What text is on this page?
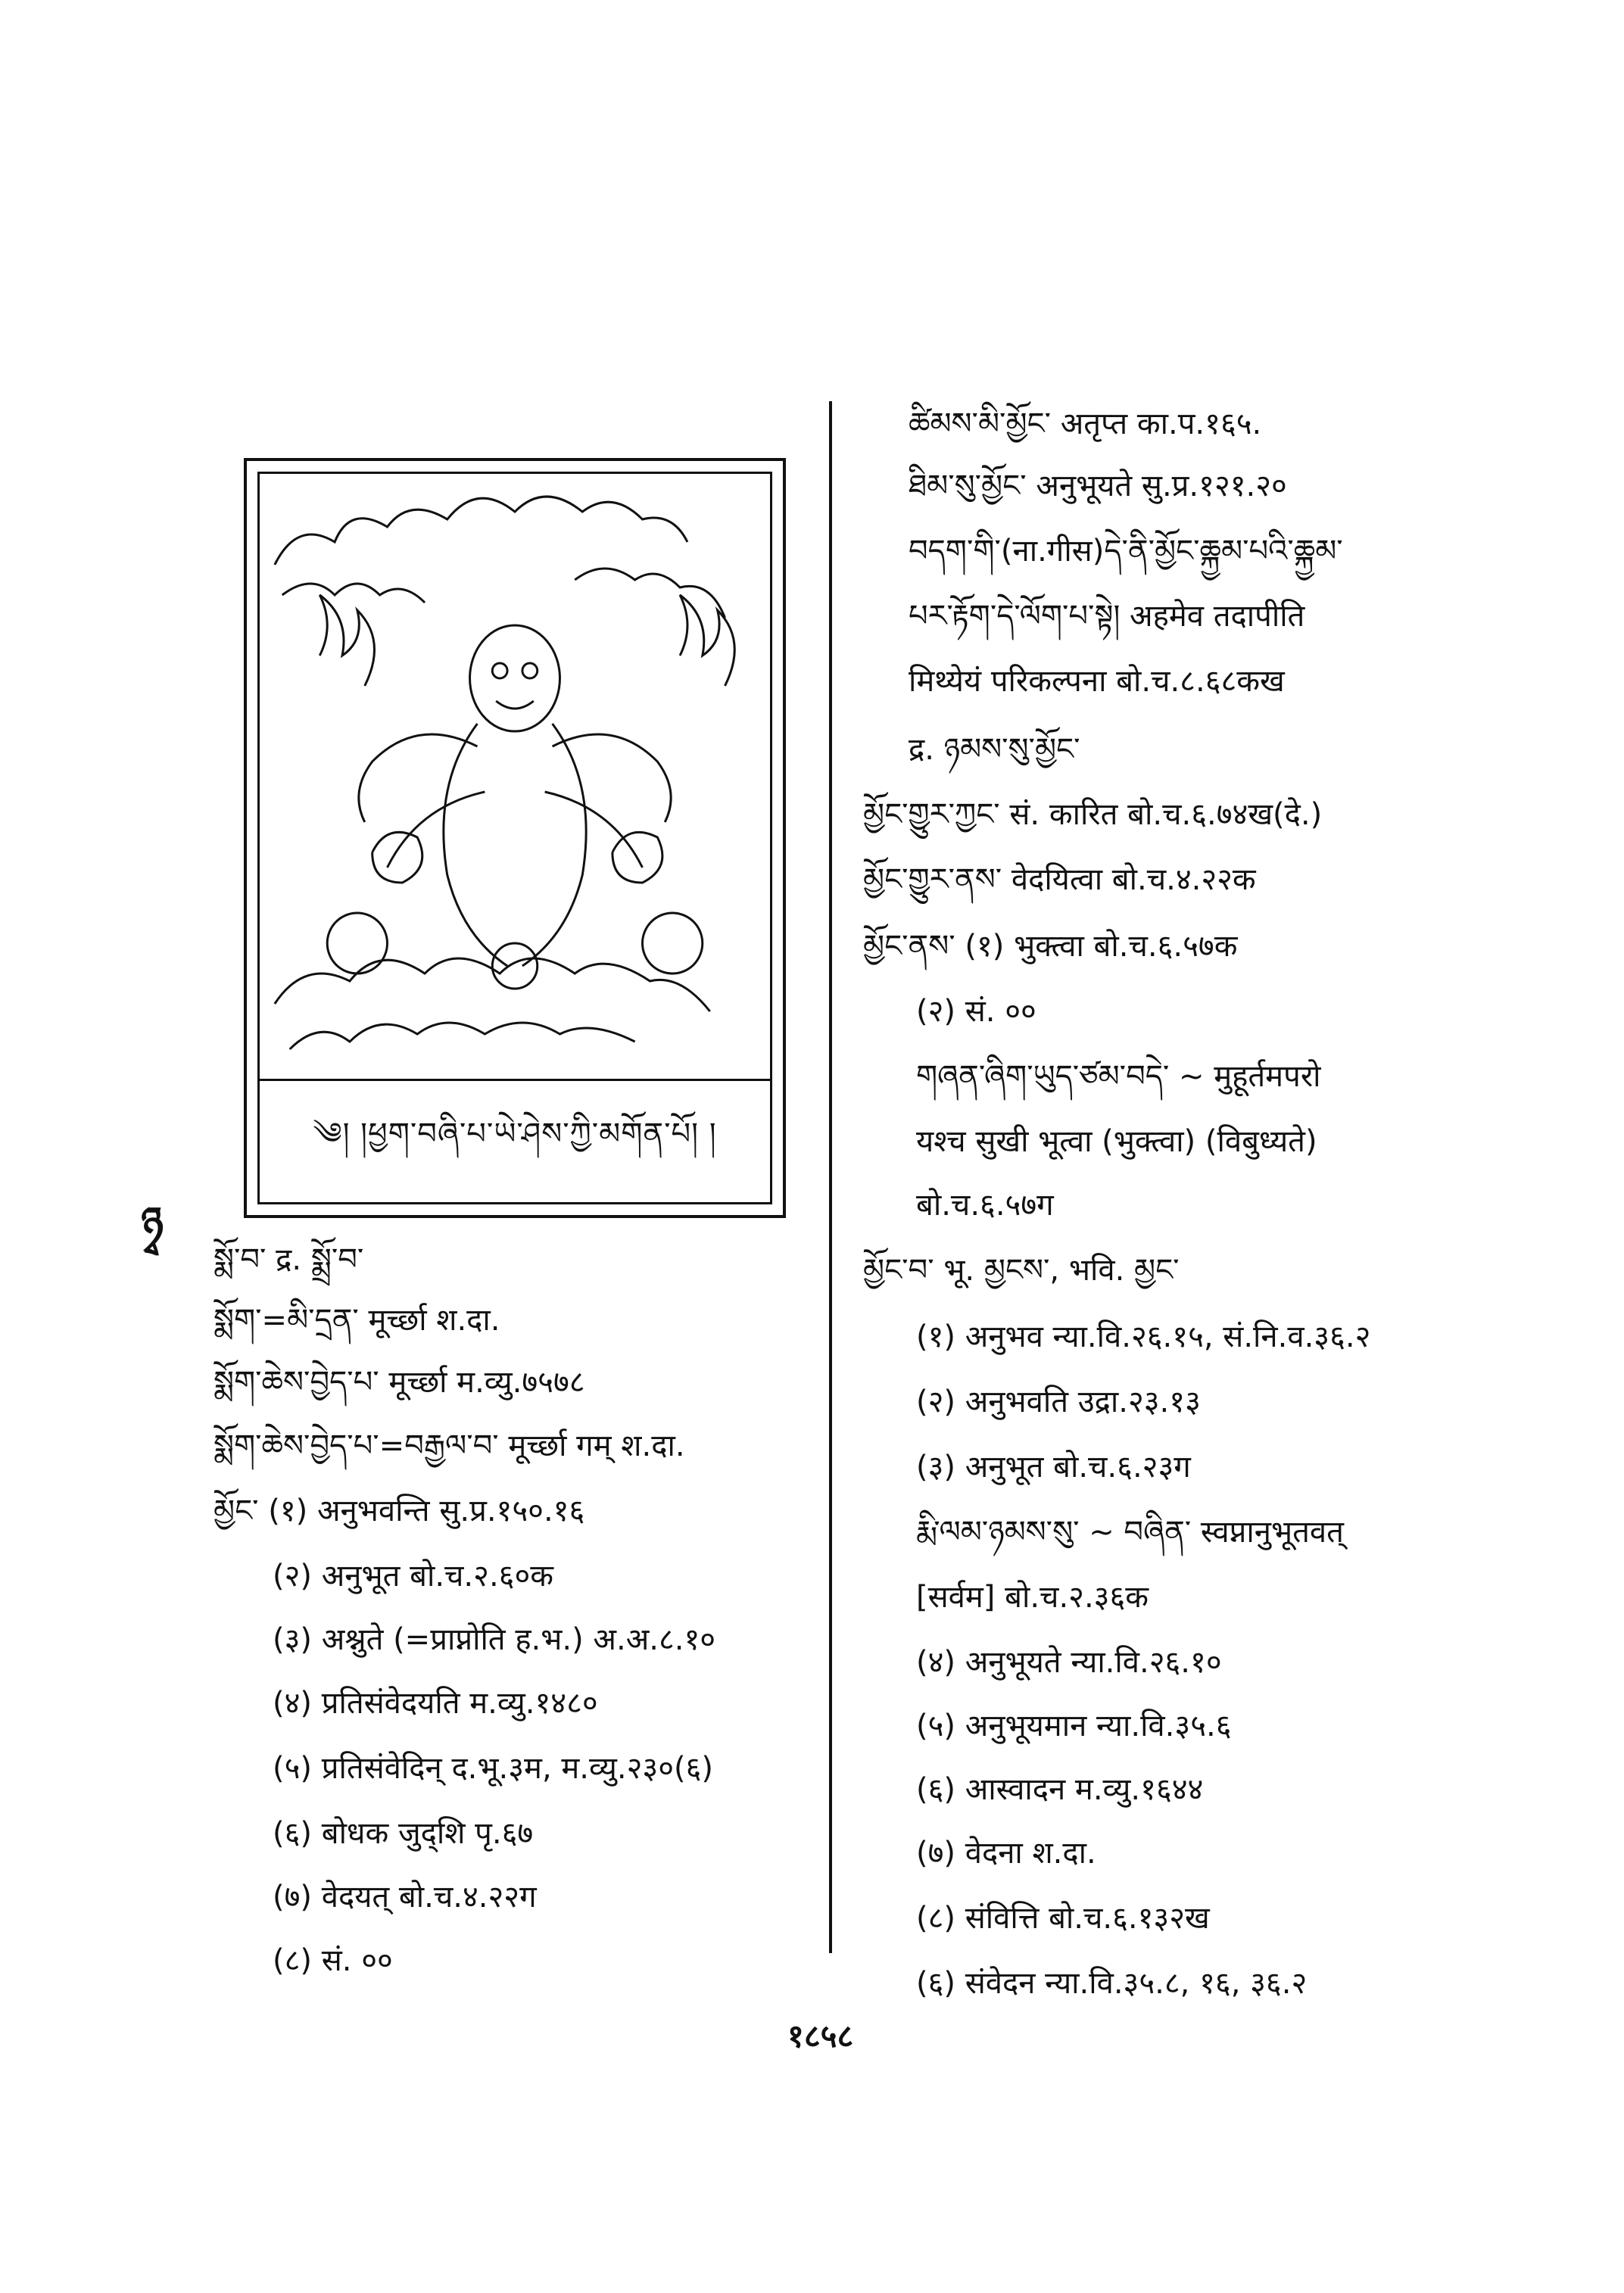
༄། །ཕྱག་བཞི་པ་ཡེ་ཤེས་ཀྱི་མགོན་པོ། །
ཉྭ
ཚིམས་མི་མྱོང་ अतृप्त का.प.१६५.
ཐིམ་སུ་མྱོང་ अनुभूयते सु.प्र.१२१.२०
བདག་གི་(ना.गीस)དེ་ནི་མྱོང་ཆྐྱམ་པའི་ཆྐྱམ་
པར་རྟོག་དེ་ལོག་པ་སྟེ། अहमेव तदापीति
मिथ्येयं परिकल्पना बो.च.८.६८कख
द्र. ཉམས་སུ་མྱོང་
མྱོང་གྱུར་ཀྱང་ सं. कारित बो.च.६.७४ख(दे.)
མྱོང་གྱུར་ནས་ वेदयित्वा बो.च.४.२२क
མྱོང་ནས་ (१) भुक्त्वा बो.च.६.५७क
(२) सं. ००
གཞན་ཞིག་ཡུད་ཙམ་བདེ་ ~ मुहूर्तमपरो
यश्च सुखी भूत्वा (भुक्त्वा) (विबुध्यते)
बो.च.६.५७ग
མྱོང་བ་ भू. མྱངས་, भवि. མྱང་
(१) अनुभव न्या.वि.२६.१५, सं.नि.व.३६.२
(२) अनुभवति उद्रा.२३.१३
(३) अनुभूत बो.च.६.२३ग
རྨི་ལམ་ཉམས་སུ་ ~ བཞིན་ स्वप्नानुभूतवत्
[सर्वम] बो.च.२.३६क
(४) अनुभूयते न्या.वि.२६.१०
(५) अनुभूयमान न्या.वि.३५.६
(६) आस्वादन म.व्यु.१६४४
(७) वेदना श.दा.
(८) संवित्ति बो.च.६.१३२ख
(६) संवेदन न्या.वि.३५.८, १६, ३६.२
སྨོ་བ་ द्र. སྨྲོ་བ་
སྨོག་=མི་དྲན་ मूर्च्छा श.दा.
སྨོག་ཆེས་བྱེད་པ་ मूर्च्छा म.व्यु.७५७८
སྨོག་ཆེས་བྱེད་པ་=བརྒྱལ་བ་ मूर्च्छा गम् श.दा.
མྱོང་ (१) अनुभवन्ति सु.प्र.१५०.१६
(२) अनुभूत बो.च.२.६०क
(३) अश्नुते (=प्राप्नोति ह.भ.) अ.अ.८.१०
(४) प्रतिसंवेदयति म.व्यु.१४८०
(५) प्रतिसंवेदिन् द.भू.३म, म.व्यु.२३०(६)
(६) बोधक जुद्शि पृ.६७
(७) वेदयत् बो.च.४.२२ग
(८) सं. ००
१८५८
